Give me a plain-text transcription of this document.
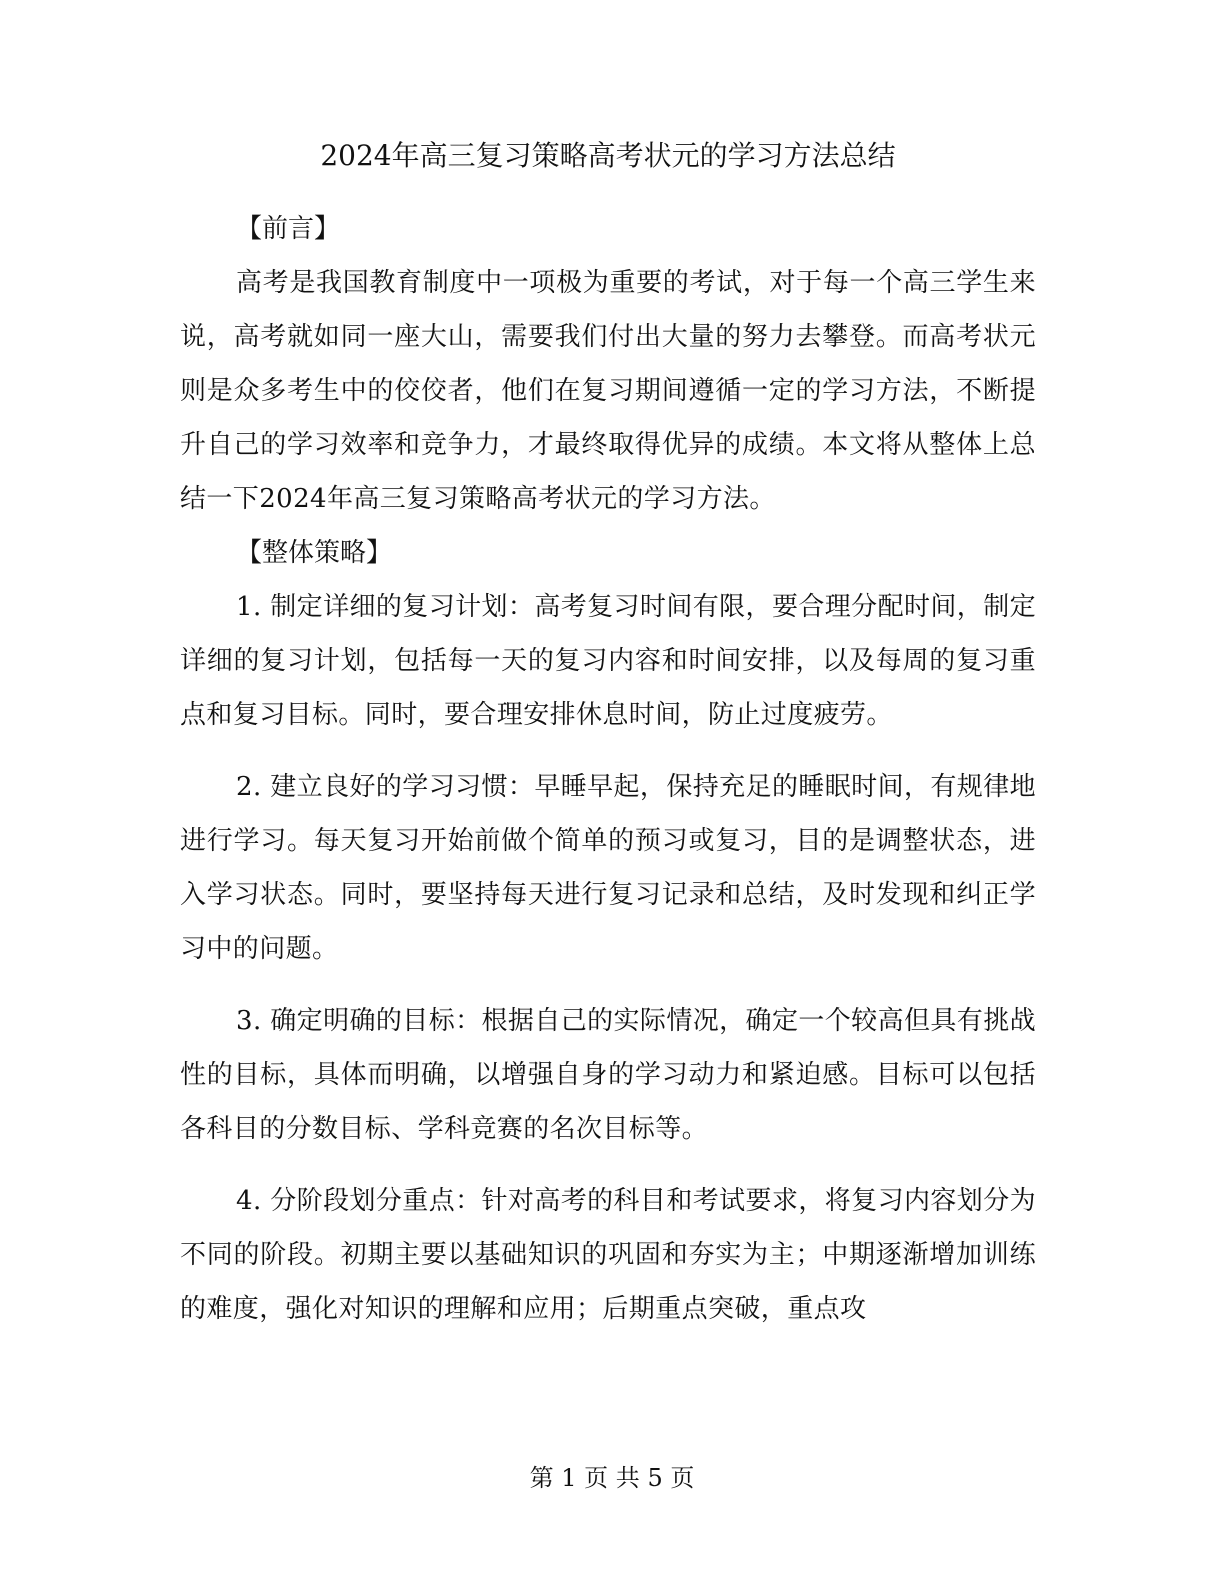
2024年高三复习策略高考状元的学习方法总结
【前言】

高考是我国教育制度中一项极为重要的考试，对于每一个高三学生来说，高考就如同一座大山，需要我们付出大量的努力去攀登。而高考状元则是众多考生中的佼佼者，他们在复习期间遵循一定的学习方法，不断提升自己的学习效率和竞争力，才最终取得优异的成绩。本文将从整体上总结一下2024年高三复习策略高考状元的学习方法。

【整体策略】

1. 制定详细的复习计划：高考复习时间有限，要合理分配时间，制定详细的复习计划，包括每一天的复习内容和时间安排，以及每周的复习重点和复习目标。同时，要合理安排休息时间，防止过度疲劳。

2. 建立良好的学习习惯：早睡早起，保持充足的睡眠时间，有规律地进行学习。每天复习开始前做个简单的预习或复习，目的是调整状态，进入学习状态。同时，要坚持每天进行复习记录和总结，及时发现和纠正学习中的问题。

3. 确定明确的目标：根据自己的实际情况，确定一个较高但具有挑战性的目标，具体而明确，以增强自身的学习动力和紧迫感。目标可以包括各科目的分数目标、学科竞赛的名次目标等。

4. 分阶段划分重点：针对高考的科目和考试要求，将复习内容划分为不同的阶段。初期主要以基础知识的巩固和夯实为主；中期逐渐增加训练的难度，强化对知识的理解和应用；后期重点突破，重点攻

第 1 页 共 5 页
